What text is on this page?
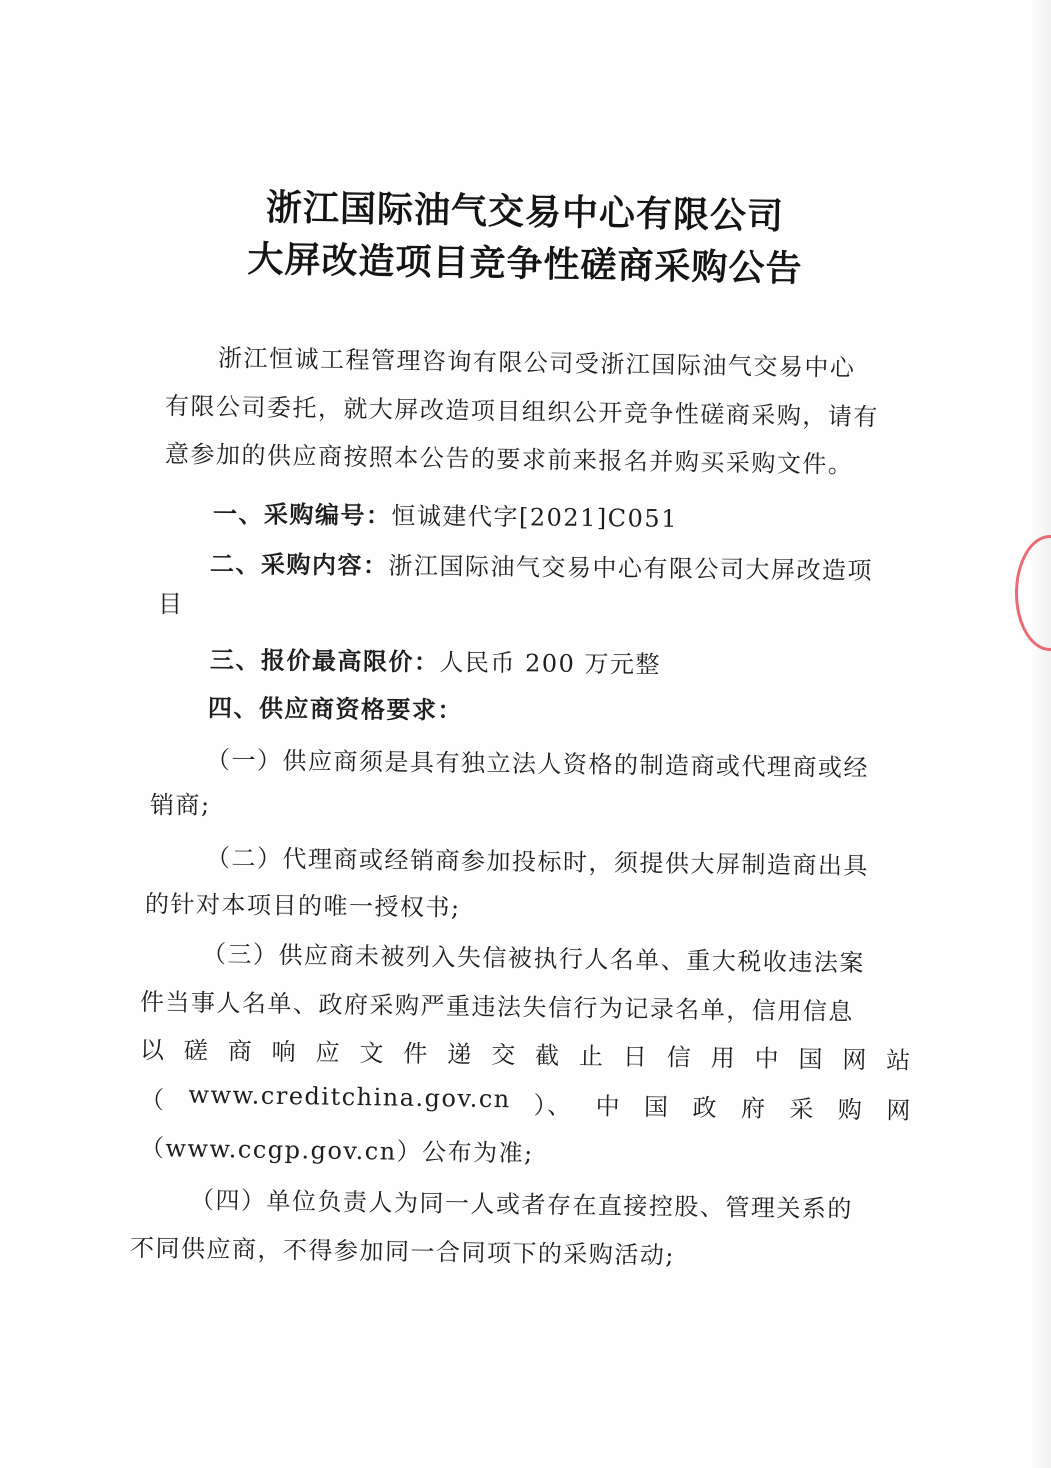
浙江国际油气交易中心有限公司
大屏改造项目竞争性磋商采购公告
浙江恒诚工程管理咨询有限公司受浙江国际油气交易中心
有限公司委托，就大屏改造项目组织公开竞争性磋商采购，请有
意参加的供应商按照本公告的要求前来报名并购买采购文件。
一、采购编号：恒诚建代字[2021]C051
二、采购内容：浙江国际油气交易中心有限公司大屏改造项
目
三、报价最高限价：人民币 200 万元整
四、供应商资格要求：
（一）供应商须是具有独立法人资格的制造商或代理商或经
销商;
（二）代理商或经销商参加投标时，须提供大屏制造商出具
的针对本项目的唯一授权书;
（三）供应商未被列入失信被执行人名单、重大税收违法案
件当事人名单、政府采购严重违法失信行为记录名单，信用信息
以 磋 商 响 应 文 件 递 交 截 止 日 信 用 中 国 网 站
（ www.creditchina.gov.cn ）、 中 国 政 府 采 购 网
（www.ccgp.gov.cn）公布为准;
（四）单位负责人为同一人或者存在直接控股、管理关系的
不同供应商，不得参加同一合同项下的采购活动;
